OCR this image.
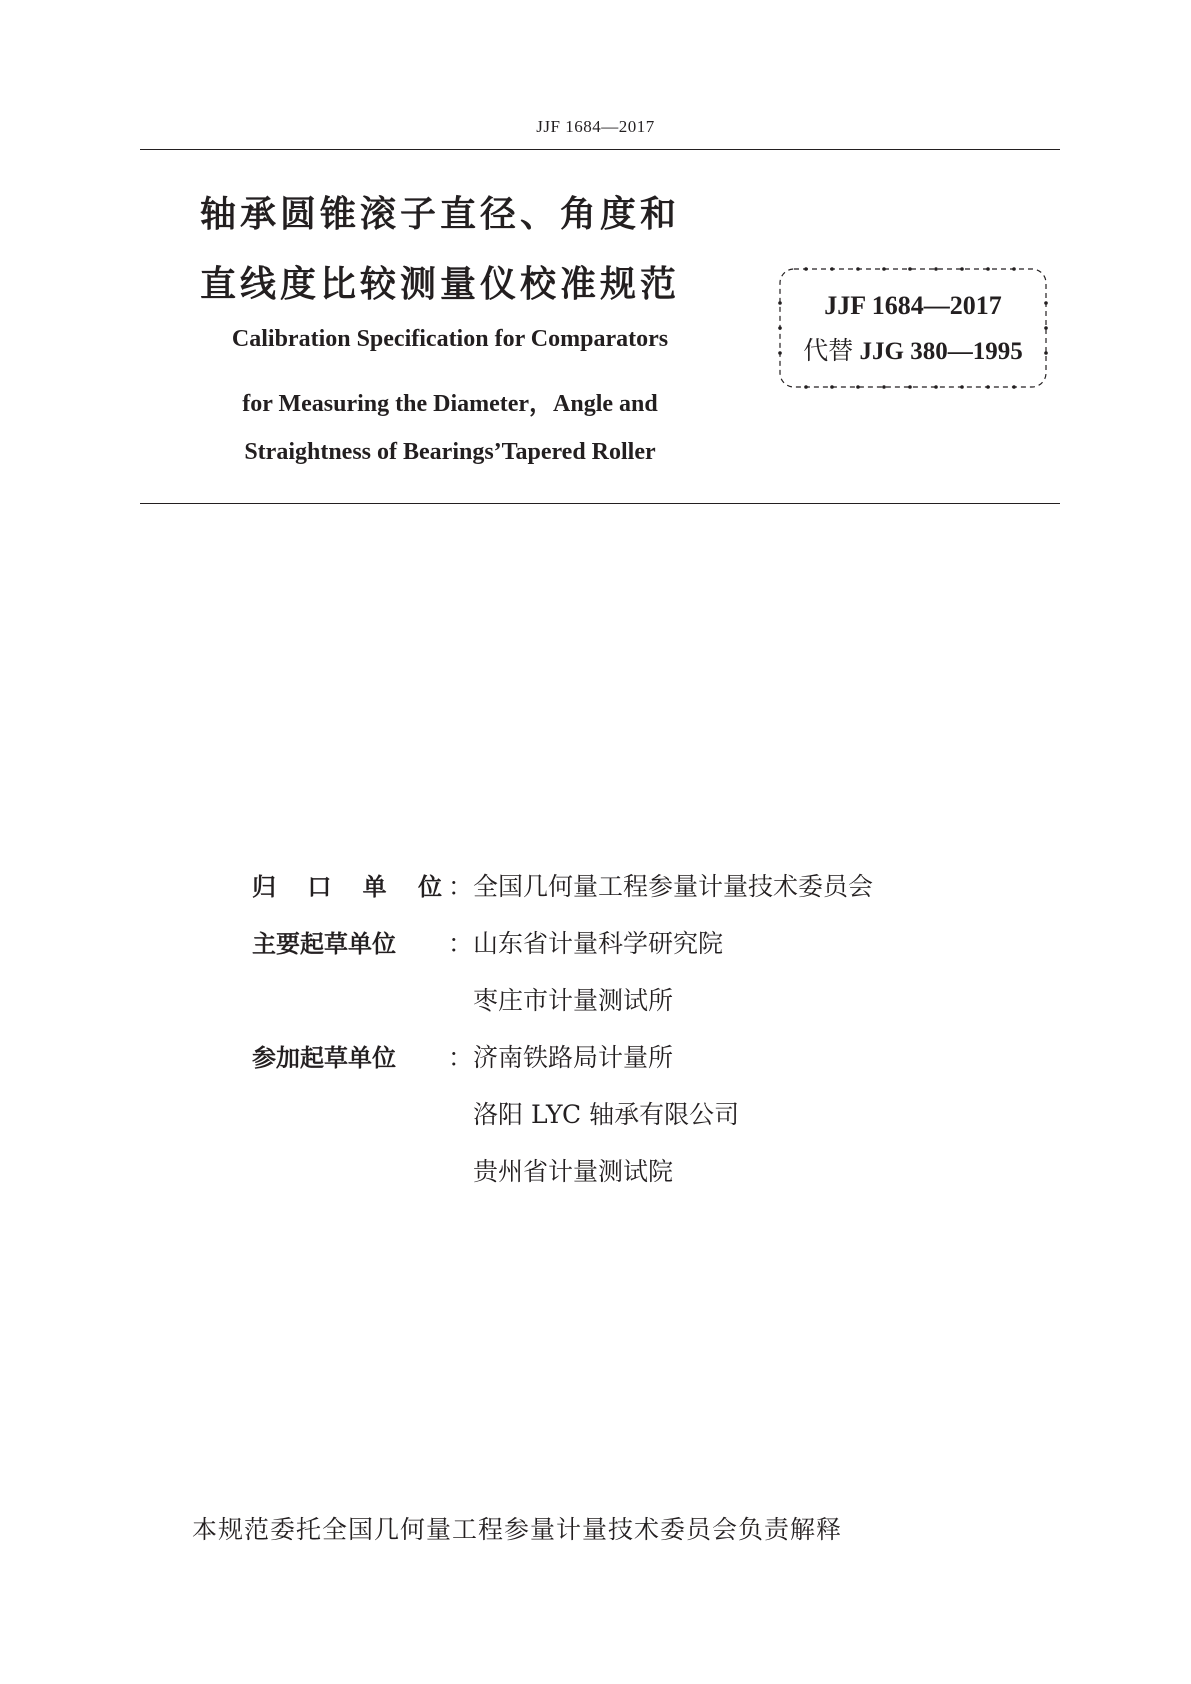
JJF 1684—2017
轴承圆锥滚子直径、角度和
直线度比较测量仪校准规范
Calibration Specification for Comparators
for Measuring the Diameter，Angle and
Straightness of Bearings’Tapered Roller
JJF 1684—2017
代替 JJG 380—1995
归 口 单 位 ： 全国几何量工程参量计量技术委员会
主要起草单位	： 山东省计量科学研究院
枣庄市计量测试所
参加起草单位	： 济南铁路局计量所
洛阳 LYC 轴承有限公司
贵州省计量测试院
本规范委托全国几何量工程参量计量技术委员会负责解释
